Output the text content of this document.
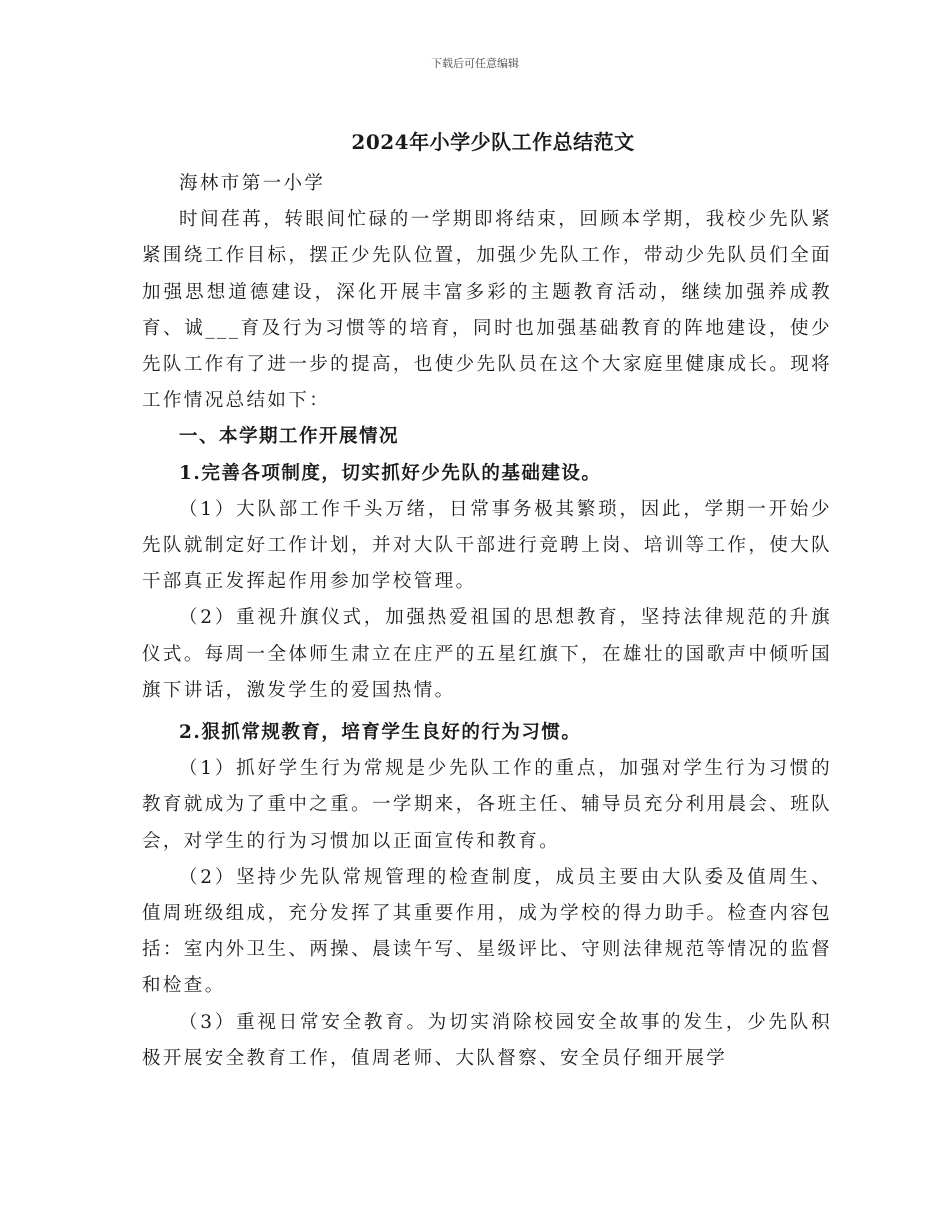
下载后可任意编辑
2024年小学少队工作总结范文

海林市第一小学

时间荏苒，转眼间忙碌的一学期即将结束，回顾本学期，我校少先队紧紧围绕工作目标，摆正少先队位置，加强少先队工作，带动少先队员们全面加强思想道德建设，深化开展丰富多彩的主题教育活动，继续加强养成教育、诚___育及行为习惯等的培育，同时也加强基础教育的阵地建设，使少先队工作有了进一步的提高，也使少先队员在这个大家庭里健康成长。现将工作情况总结如下：

一、本学期工作开展情况

1.完善各项制度，切实抓好少先队的基础建设。

（1）大队部工作千头万绪，日常事务极其繁琐，因此，学期一开始少先队就制定好工作计划，并对大队干部进行竞聘上岗、培训等工作，使大队干部真正发挥起作用参加学校管理。

（2）重视升旗仪式，加强热爱祖国的思想教育，坚持法律规范的升旗仪式。每周一全体师生肃立在庄严的五星红旗下，在雄壮的国歌声中倾听国旗下讲话，激发学生的爱国热情。

2.狠抓常规教育，培育学生良好的行为习惯。

（1）抓好学生行为常规是少先队工作的重点，加强对学生行为习惯的教育就成为了重中之重。一学期来，各班主任、辅导员充分利用晨会、班队会，对学生的行为习惯加以正面宣传和教育。

（2）坚持少先队常规管理的检查制度，成员主要由大队委及值周生、值周班级组成，充分发挥了其重要作用，成为学校的得力助手。检查内容包括：室内外卫生、两操、晨读午写、星级评比、守则法律规范等情况的监督和检查。

（3）重视日常安全教育。为切实消除校园安全故事的发生，少先队积极开展安全教育工作，值周老师、大队督察、安全员仔细开展学
